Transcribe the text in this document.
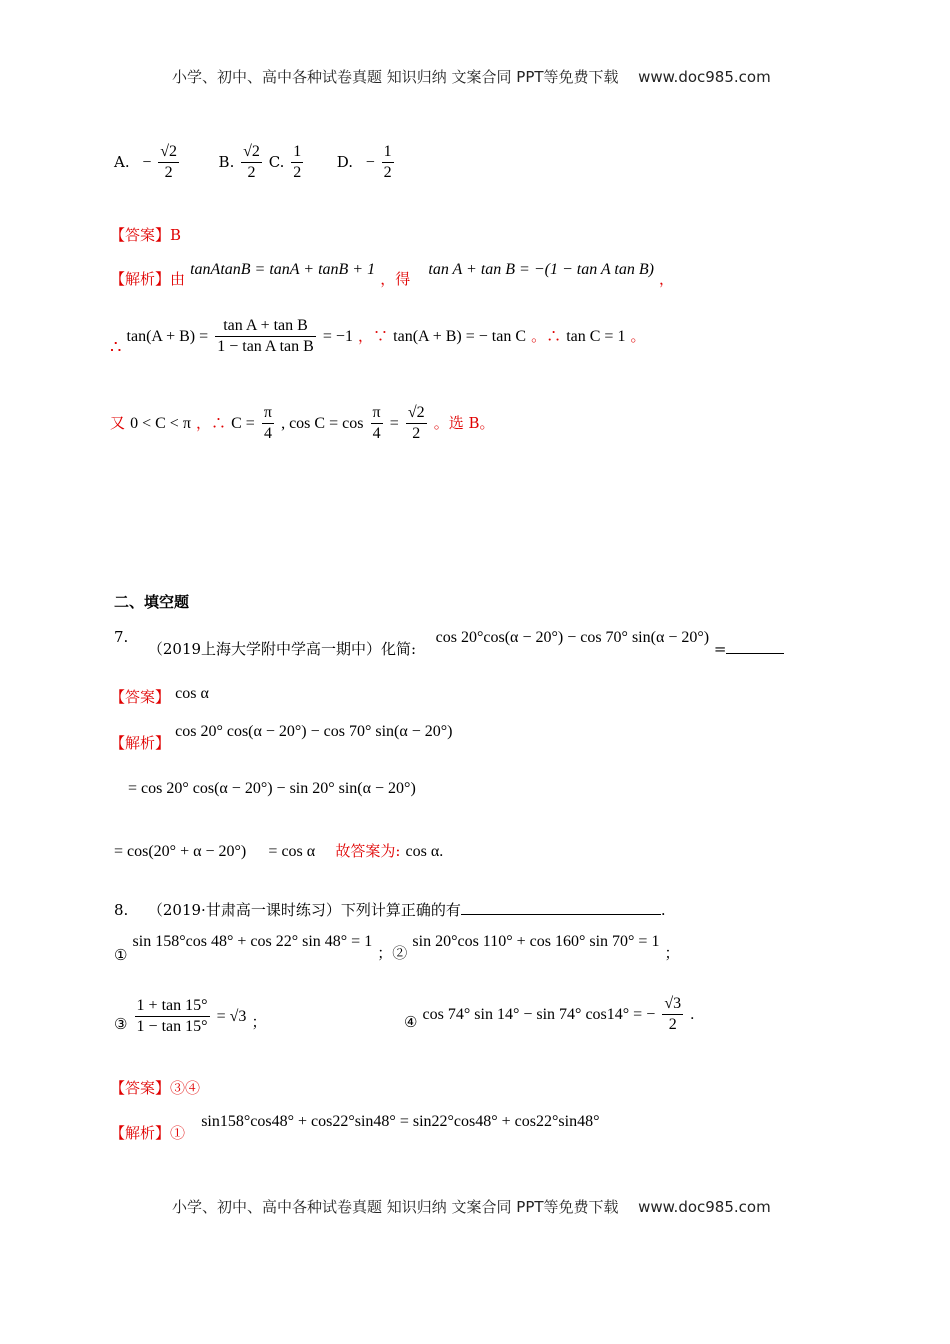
小学、初中、高中各种试卷真题 知识归纳 文案合同 PPT等免费下载 www.doc985.com
A. − $\frac{√2}{2}$	B. $\frac{√2}{2} C$. $\frac{1}{2} D$. − $\frac{1}{2}$
【答案】B
【解析】由 tanAtanB = tanA + tanB + 1 ，得  tan A + tan B = −(1 − tan A tan B) ，
∴ $\tan(A + B) = \frac{\text{tan A + tan B}}{\text{1 − tan A tan B}} = -1$ ，∵ tan(A + B) = − tan C 。∴ tan C = 1 。
又 0 < C < π ，∴ $C = \frac{\pi}{4}$ , $\cos C = \cos \frac{\pi}{4} = \frac{√2}{2}$ 。选 B。
二、填空题
7.  （2019上海大学附中学高一期中）化简:  cos 20°cos(α − 20°) − cos 70° sin(α − 20°) =
【答案】 cos α
【解析】 cos 20° cos(α − 20°) − cos 70° sin(α − 20°)
= cos 20° cos(α − 20°) − sin 20° sin(α − 20°)
= cos(20° + α − 20°) = cos α 故答案为: cos α.
8. （2019·甘肃高一课时练习）下列计算正确的有	.
① sin 158°cos 48° + cos 22° sin 48° = 1 ；② sin 20°cos 110° + cos 160° sin 70° = 1 ；
③ $\frac{1 + \tan 15^\circ}{1 - \tan 15^\circ} = √3$ ；	④ cos 74° sin 14° − sin 74° cos14° = − $\frac{√3}{2}$ .
【答案】③④
【解析】①  sin158°cos48° + cos22°sin48° = sin22°cos48° + cos22°sin48°
小学、初中、高中各种试卷真题 知识归纳 文案合同 PPT等免费下载 www.doc985.com
